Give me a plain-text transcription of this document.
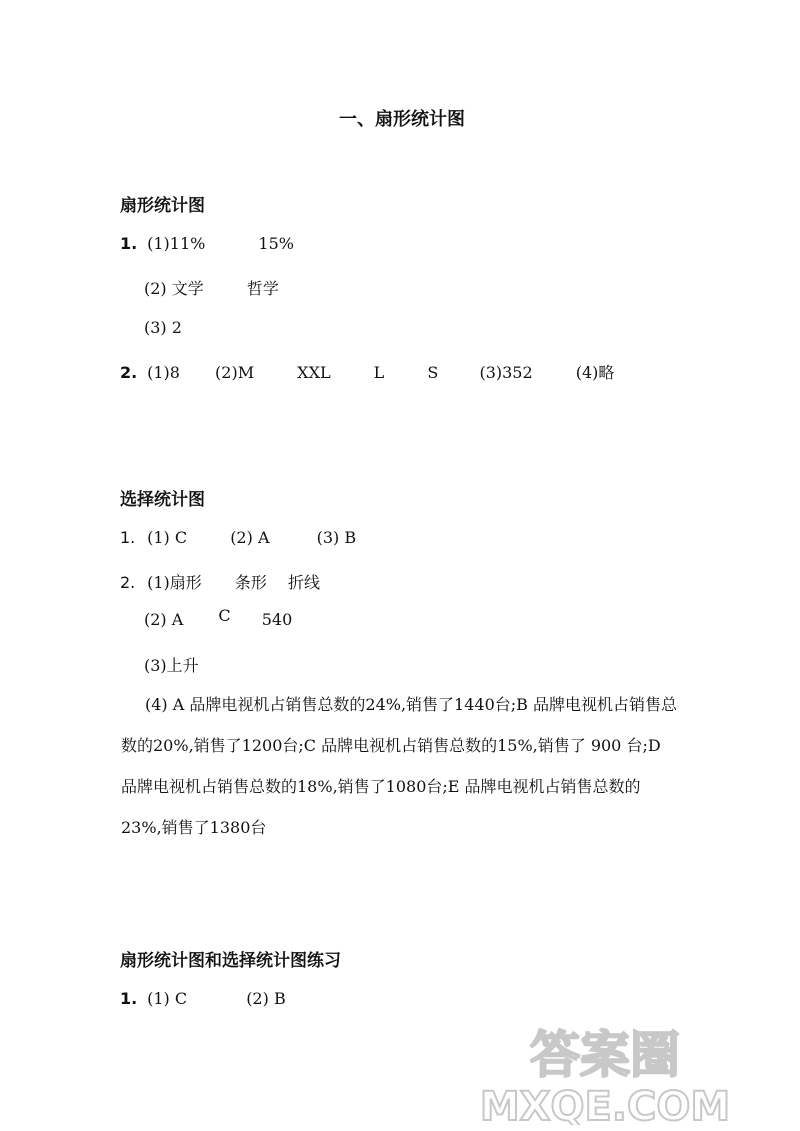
一、扇形统计图
扇形统计图
1. (1)11%	15%
(2) 文学	哲学
(3) 2
2. (1)8 (2)M	XXL	L	S	(3)352	(4)略
选择统计图
1. (1) C	(2) A	(3) B
2. (1)扇形 条形 折线
(2) A C 540
(3)上升
(4) A 品牌电视机占销售总数的24%,销售了1440台;B 品牌电视机占销售总数的20%,销售了1200台;C 品牌电视机占销售总数的15%,销售了 900 台;D 品牌电视机占销售总数的18%,销售了1080台;E 品牌电视机占销售总数的23%,销售了1380台
扇形统计图和选择统计图练习
1. (1) C	(2) B
答案圈
MXQE.COM
